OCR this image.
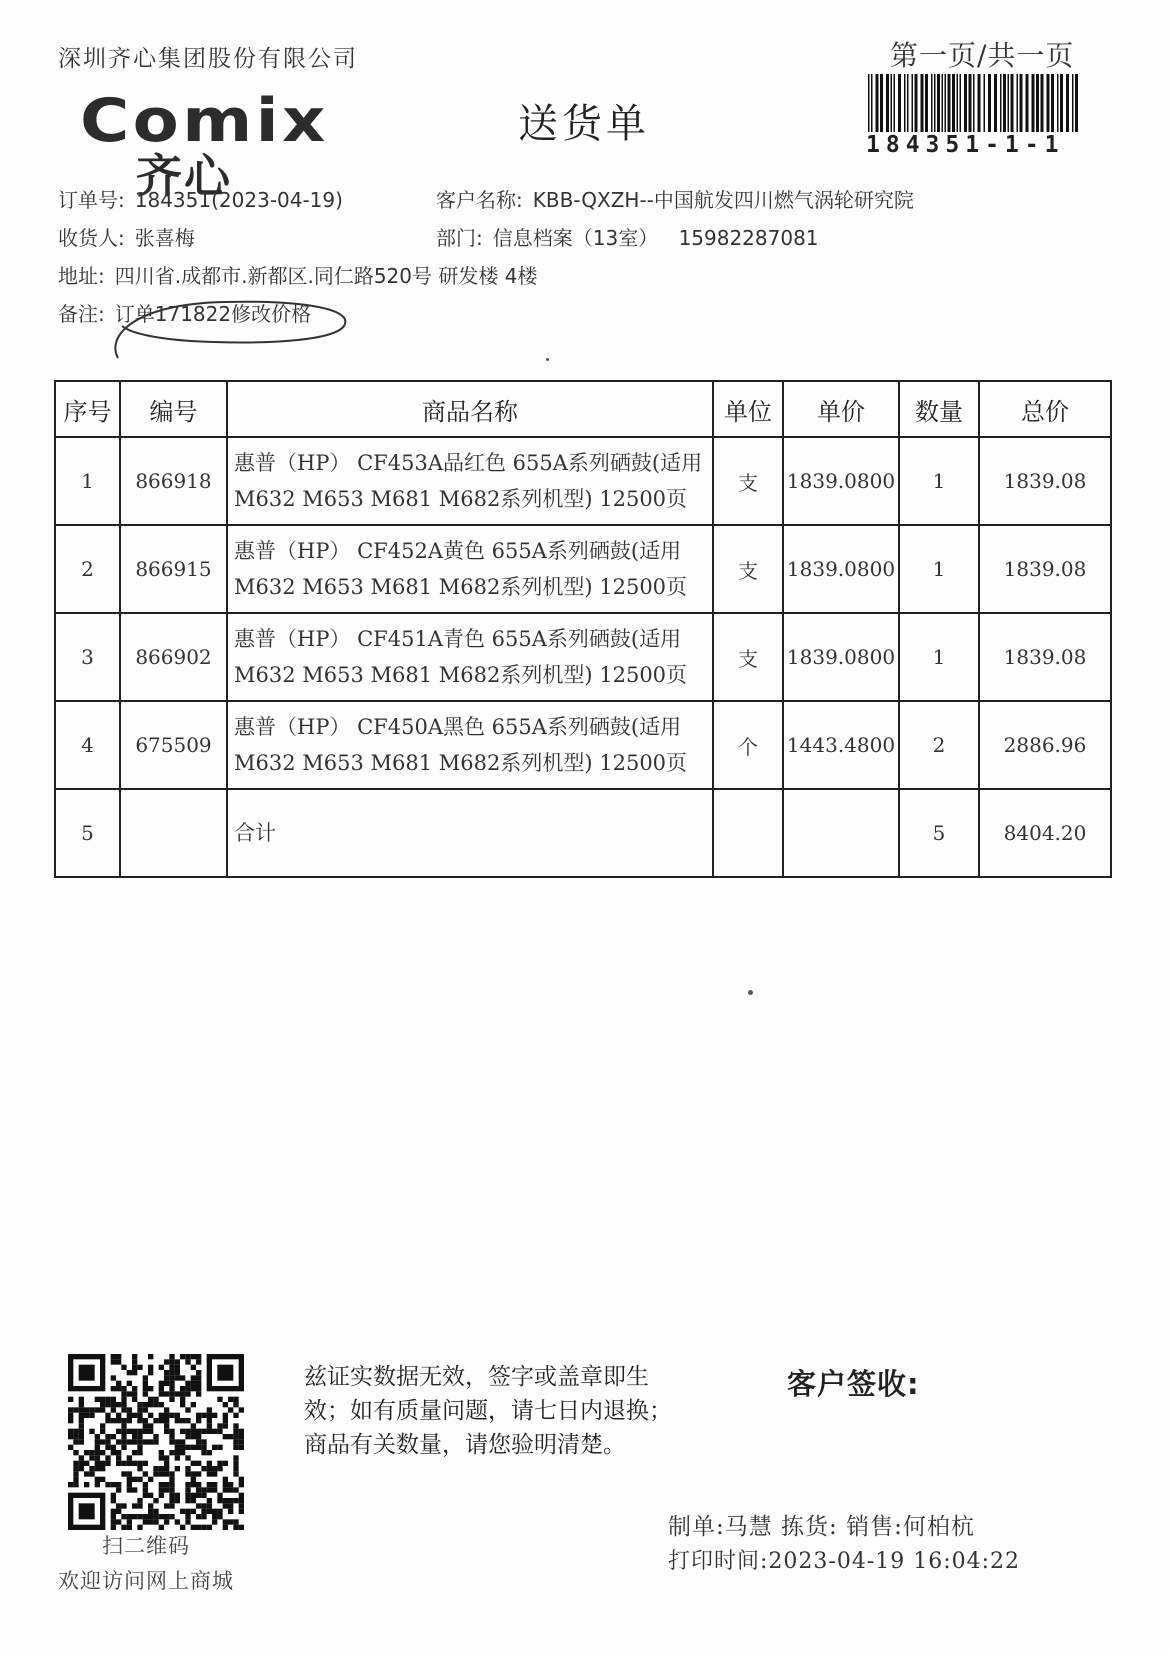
深圳齐心集团股份有限公司	第一页/共一页
184351-1-1
Comix
齐心
送货单
订单号: 184351(2023-04-19)	客户名称: KBB-QXZH--中国航发四川燃气涡轮研究院
收货人: 张喜梅	部门: 信息档案（13室） 15982287081
地址: 四川省.成都市.新都区.同仁路520号 研发楼 4楼
备注: 订单171822修改价格
序号	编号	商品名称	单位	单价	数量	总价
1	866918	惠普（HP） CF453A品红色 655A系列硒鼓(适用
M632 M653 M681 M682系列机型) 12500页	支	1839.0800	1	1839.08
2	866915	惠普（HP） CF452A黄色 655A系列硒鼓(适用
M632 M653 M681 M682系列机型) 12500页	支	1839.0800	1	1839.08
3	866902	惠普（HP） CF451A青色 655A系列硒鼓(适用
M632 M653 M681 M682系列机型) 12500页	支	1839.0800	1	1839.08
4	675509	惠普（HP） CF450A黑色 655A系列硒鼓(适用
M632 M653 M681 M682系列机型) 12500页	个	1443.4800	2	2886.96
5		合计			5	8404.20
扫二维码
欢迎访问网上商城
兹证实数据无效，签字或盖章即生
效；如有质量问题，请七日内退换；
商品有关数量，请您验明清楚。
客户签收:
制单:马慧 拣货: 销售:何柏杭
打印时间:2023-04-19 16:04:22
